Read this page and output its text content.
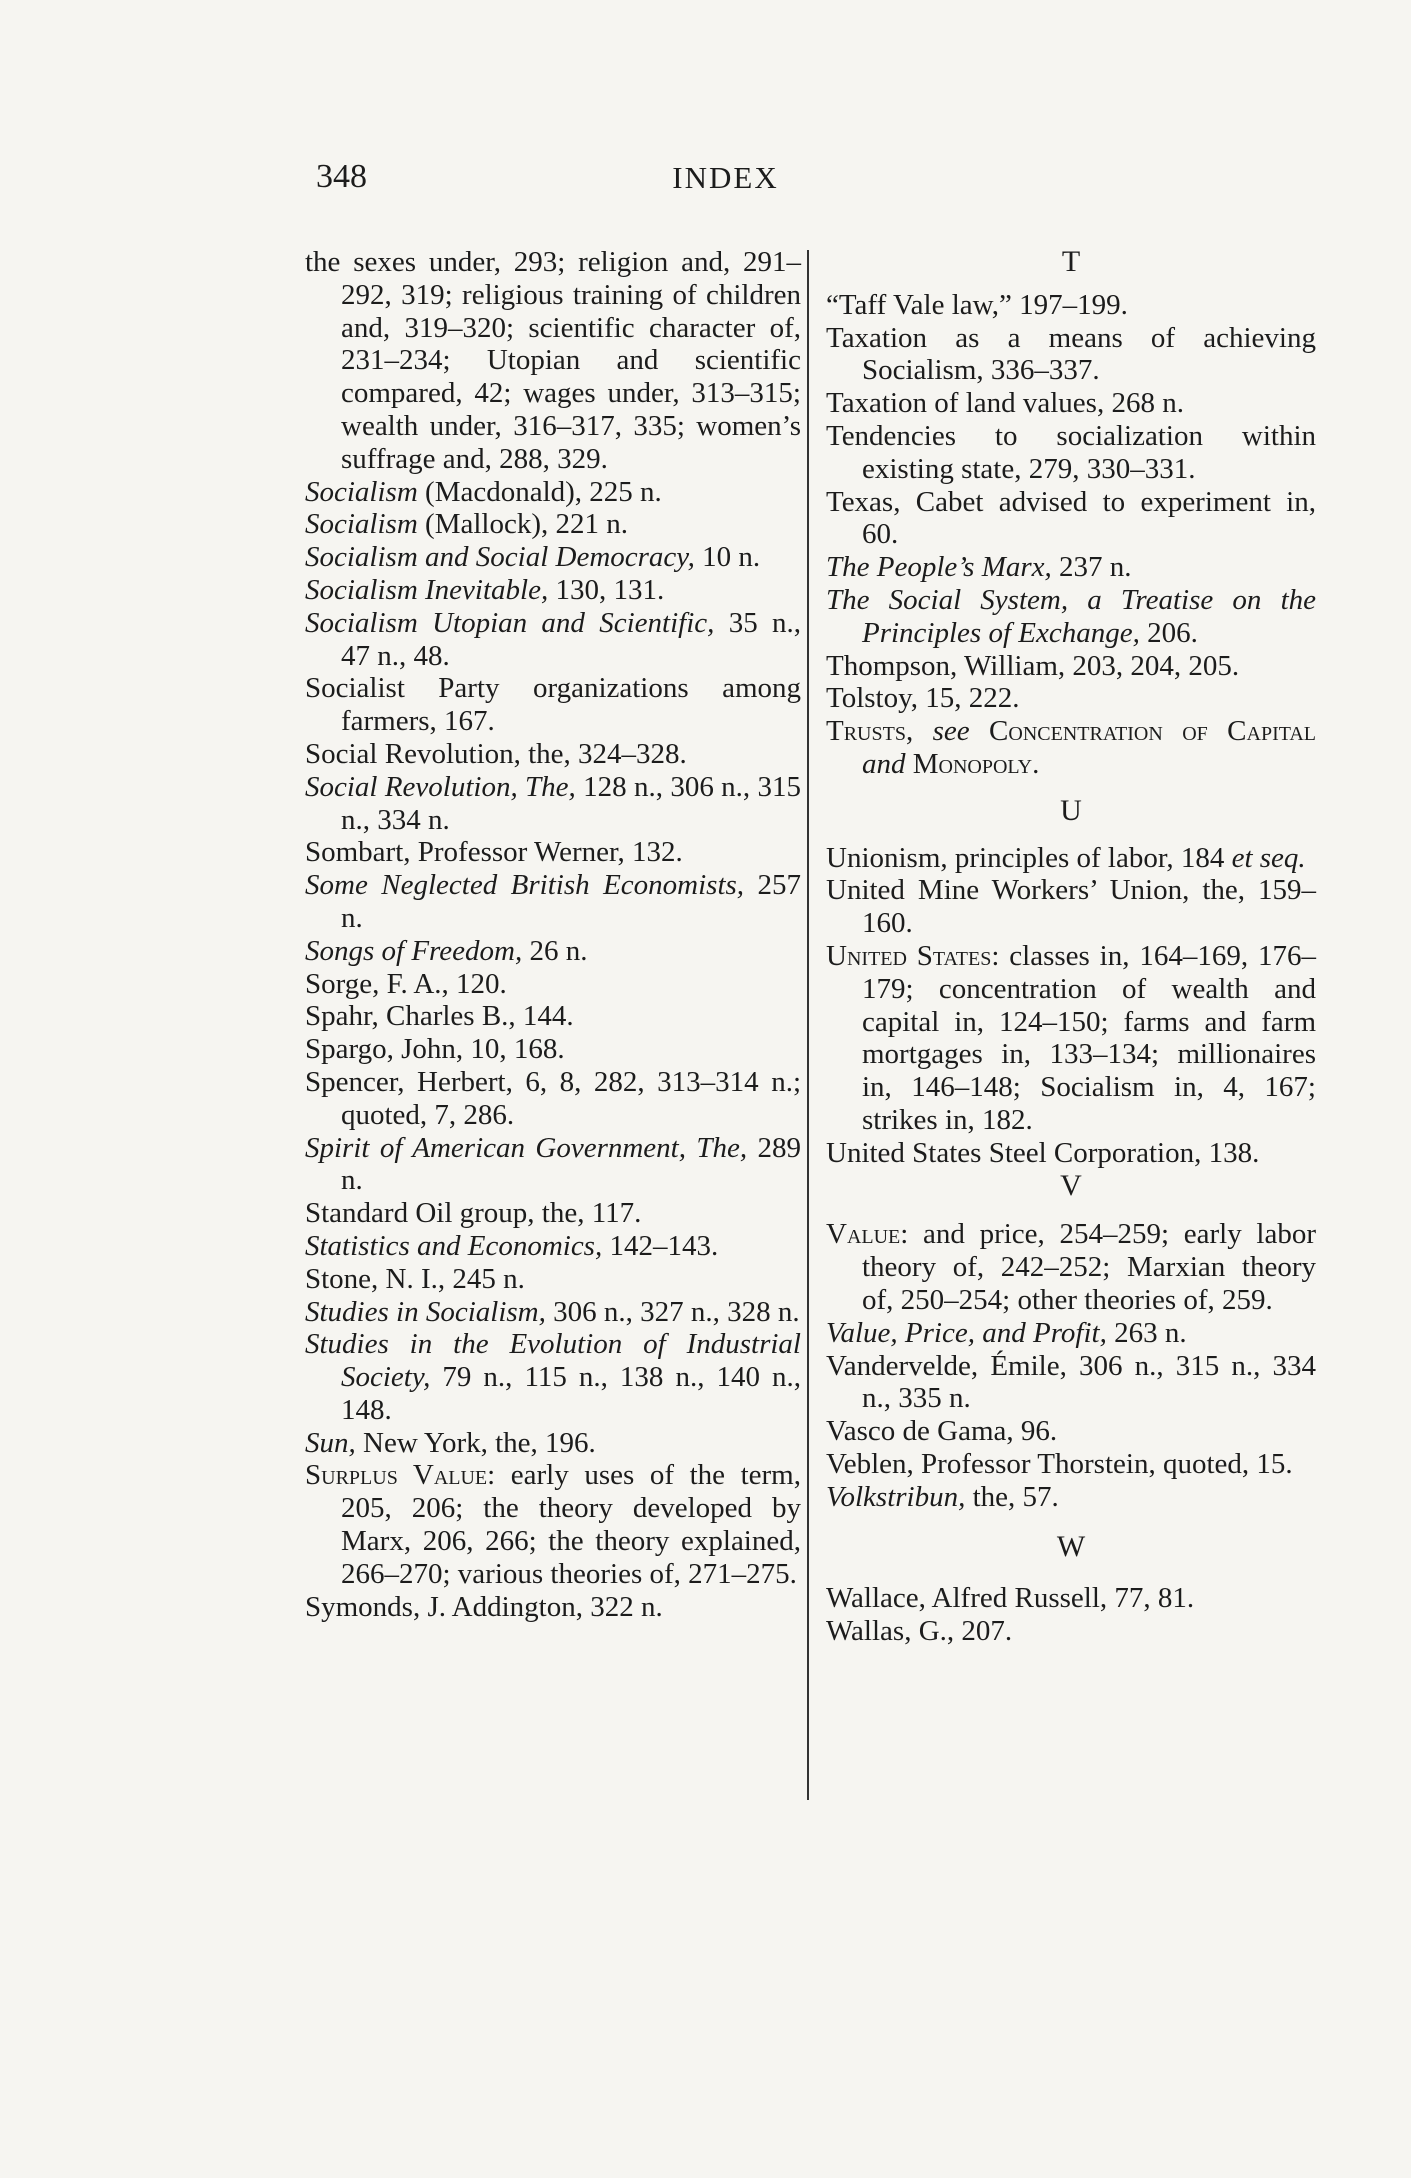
348	INDEX
the sexes under, 293; religion and, 291–292, 319; religious training of children and, 319–320; scientific character of, 231–234; Utopian and scientific compared, 42; wages under, 313–315; wealth under, 316–317, 335; women’s suffrage and, 288, 329.
Socialism (Macdonald), 225 n.
Socialism (Mallock), 221 n.
Socialism and Social Democracy, 10 n.
Socialism Inevitable, 130, 131.
Socialism Utopian and Scientific, 35 n., 47 n., 48.
Socialist Party organizations among farmers, 167.
Social Revolution, the, 324–328.
Social Revolution, The, 128 n., 306 n., 315 n., 334 n.
Sombart, Professor Werner, 132.
Some Neglected British Economists, 257 n.
Songs of Freedom, 26 n.
Sorge, F. A., 120.
Spahr, Charles B., 144.
Spargo, John, 10, 168.
Spencer, Herbert, 6, 8, 282, 313–314 n.; quoted, 7, 286.
Spirit of American Government, The, 289 n.
Standard Oil group, the, 117.
Statistics and Economics, 142–143.
Stone, N. I., 245 n.
Studies in Socialism, 306 n., 327 n., 328 n.
Studies in the Evolution of Industrial Society, 79 n., 115 n., 138 n., 140 n., 148.
Sun, New York, the, 196.
Surplus Value: early uses of the term, 205, 206; the theory developed by Marx, 206, 266; the theory explained, 266–270; various theories of, 271–275.
Symonds, J. Addington, 322 n.
T
“Taff Vale law,” 197–199.
Taxation as a means of achieving Socialism, 336–337.
Taxation of land values, 268 n.
Tendencies to socialization within existing state, 279, 330–331.
Texas, Cabet advised to experiment in, 60.
The People’s Marx, 237 n.
The Social System, a Treatise on the Principles of Exchange, 206.
Thompson, William, 203, 204, 205.
Tolstoy, 15, 222.
Trusts, see Concentration of Capital and Monopoly.
U
Unionism, principles of labor, 184 et seq.
United Mine Workers’ Union, the, 159–160.
United States: classes in, 164–169, 176–179; concentration of wealth and capital in, 124–150; farms and farm mortgages in, 133–134; millionaires in, 146–148; Socialism in, 4, 167; strikes in, 182.
United States Steel Corporation, 138.
V
Value: and price, 254–259; early labor theory of, 242–252; Marxian theory of, 250–254; other theories of, 259.
Value, Price, and Profit, 263 n.
Vandervelde, Émile, 306 n., 315 n., 334 n., 335 n.
Vasco de Gama, 96.
Veblen, Professor Thorstein, quoted, 15.
Volkstribun, the, 57.
W
Wallace, Alfred Russell, 77, 81.
Wallas, G., 207.
